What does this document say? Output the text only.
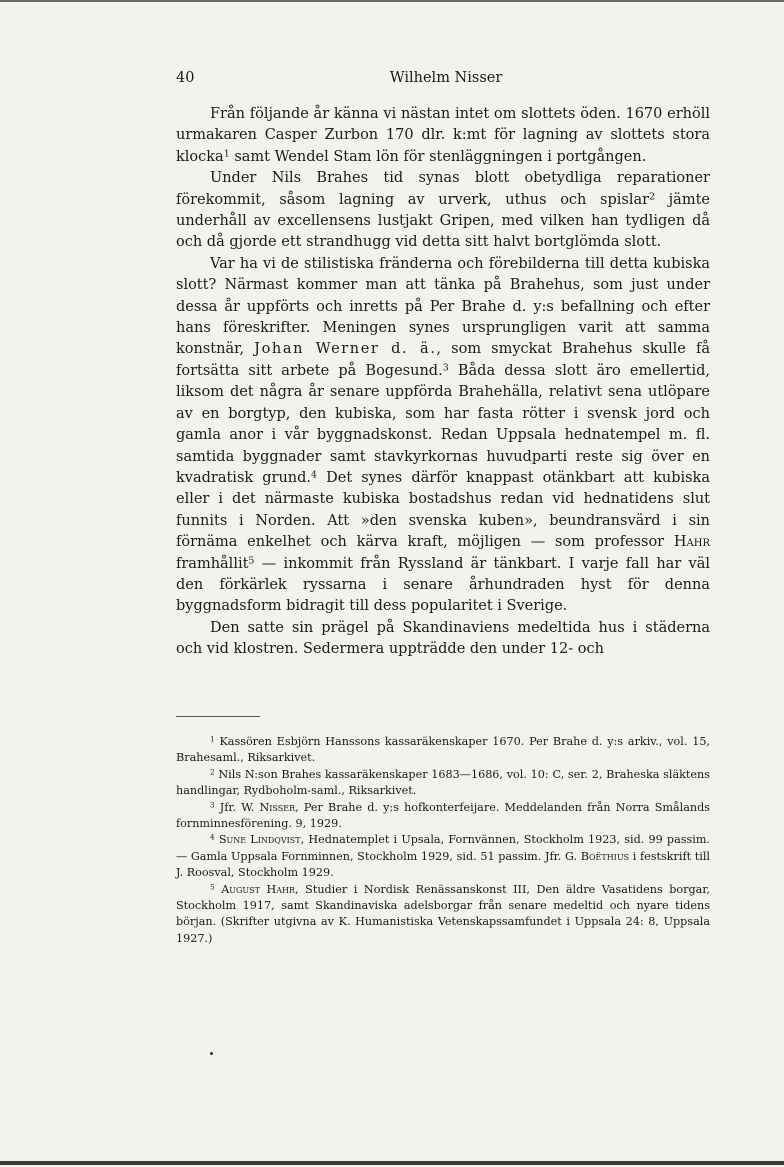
40	Wilhelm Nisser

Från följande år känna vi nästan intet om slottets öden. 1670 erhöll urmakaren Casper Zurbon 170 dlr. k:mt för lagning av slottets stora klocka$^1$ samt Wendel Stam lön för stenläggningen i portgången.

Under Nils Brahes tid synas blott obetydliga reparationer förekommit, såsom lagning av urverk, uthus och spislar$^2$ jämte underhåll av excellensens lustjakt Gripen, med vilken han tydligen då och då gjorde ett strandhugg vid detta sitt halvt bortglömda slott.

Var ha vi de stilistiska fränderna och förebilderna till detta kubiska slott? Närmast kommer man att tänka på Brahehus, som just under dessa år uppförts och inretts på Per Brahe d. y:s befallning och efter hans föreskrifter. Meningen synes ursprungligen varit att samma konstnär, Johan Werner d. ä., som smyckat Brahehus skulle få fortsätta sitt arbete på Bogesund.$^3$ Båda dessa slott äro emellertid, liksom det några år senare uppförda Brahehälla, relativt sena utlöpare av en borgtyp, den kubiska, som har fasta rötter i svensk jord och gamla anor i vår byggnadskonst. Redan Uppsala hednatempel m. fl. samtida byggnader samt stavkyrkornas huvudparti reste sig över en kvadratisk grund.$^4$ Det synes därför knappast otänkbart att kubiska eller i det närmaste kubiska bostadshus redan vid hednatidens slut funnits i Norden. Att »den svenska kuben», beundransvärd i sin förnäma enkelhet och kärva kraft, möjligen — som professor Hahr framhållit$^5$ — inkommit från Ryssland är tänkbart. I varje fall har väl den förkärlek ryssarna i senare århundraden hyst för denna byggnadsform bidragit till dess popularitet i Sverige.

Den satte sin prägel på Skandinaviens medeltida hus i städerna och vid klostren. Sedermera uppträdde den under 12- och

$^1$ Kassören Esbjörn Hanssons kassaräkenskaper 1670. Per Brahe d. y:s arkiv., vol. 15, Brahesaml., Riksarkivet.

$^2$ Nils N:son Brahes kassaräkenskaper 1683—1686, vol. 10: C, ser. 2, Braheska släktens handlingar, Rydboholm-saml., Riksarkivet.

$^3$ Jfr. W. Nisser, Per Brahe d. y:s hofkonterfeijare. Meddelanden från Norra Smålands fornminnesförening. 9, 1929.

$^4$ Sune Lindqvist, Hednatemplet i Upsala, Fornvännen, Stockholm 1923, sid. 99 passim. — Gamla Uppsala Fornminnen, Stockholm 1929, sid. 51 passim. Jfr. G. Boëthius i festskrift till J. Roosval, Stockholm 1929.

$^5$ August Hahr, Studier i Nordisk Renässanskonst III, Den äldre Vasatidens borgar, Stockholm 1917, samt Skandinaviska adelsborgar från senare medeltid och nyare tidens början. (Skrifter utgivna av K. Humanistiska Vetenskapssamfundet i Uppsala 24: 8, Uppsala 1927.)
